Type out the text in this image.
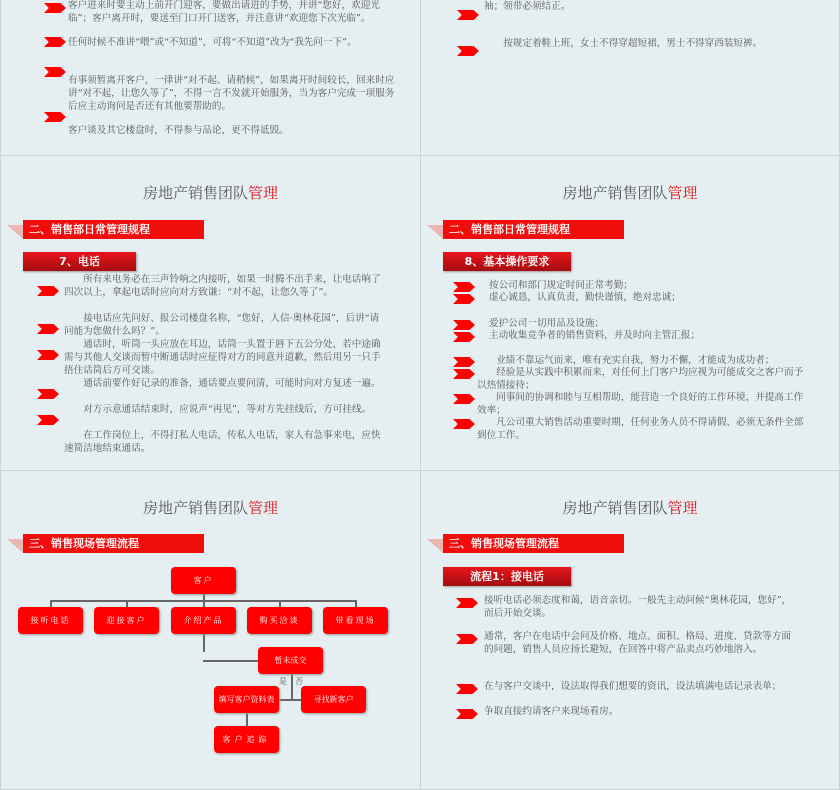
客户进来时要主动上前开门迎客，要做出请进的手势，并讲“您好，欢迎光临”；客户离开时，要送至门口开门送客，并注意讲“欢迎您下次光临”。
任何时候不准讲“喂”或“不知道”，可将“不知道”改为“我先问一下”。
有事须暂离开客户，一律讲“对不起、请稍候”，如果离开时间较长，回来时应讲“对不起，让您久等了”，不得一言不发就开始服务，当为客户完成一项服务后应主动询问是否还有其他要帮助的。
客户谈及其它楼盘时，不得参与品论，更不得诋毁。
袖；领带必须结正。
按规定着鞋上班，女士不得穿超短裙，男士不得穿西装短裤。
房地产销售团队管理
二、销售部日常管理规程
7、电话
所有来电务必在三声铃响之内接听，如果一时腾不出手来，让电话响了四次以上，拿起电话时应向对方致谦：“对不起，让您久等了”。
接电话应先问好、报公司楼盘名称，“您好，人信·奥林花园”，后讲“请问能为您做什么吗？”。
通话时，听筒一头应放在耳边，话筒一头置于唇下五公分处，若中途确需与其他人交谈而暂中断通话时应征得对方的同意并道歉，然后用另一只手捂住话筒后方可交谈。
通话前要作好记录的准备，通话要点要问清，可能时向对方复述一遍。
对方示意通话结束时，应说声“再见”，等对方先挂线后，方可挂线。
在工作岗位上，不得打私人电话，传私人电话，家人有急事来电，应快速简洁地结束通话。
房地产销售团队管理
二、销售部日常管理规程
8、基本操作要求
按公司和部门规定时间正常考勤；
虚心诚恳，认真负责，勤快谨慎，绝对忠诚；
爱护公司一切用品及设施；
主动收集竞争者的销售资料，并及时向主管汇报；
业绩不靠运气而来，唯有充实自我，努力不懈，才能成为成功者；
经验是从实践中积累而来，对任何上门客户均应视为可能成交之客户而予以热情接待；
同事间的协调和睦与互相帮助，能营造一个良好的工作环境，并提高工作效率；
凡公司重大销售活动重要时期，任何业务人员不得请假、必须无条件全部到位工作。
房地产销售团队管理
三、销售现场管理流程
客户
接听电话	迎接客户	介绍产品	购买洽谈	带看现场
暂未成交
是 否
填写客户资料表	寻找新客户
客户追踪
房地产销售团队管理
三、销售现场管理流程
流程1：接电话
接听电话必须态度和蔼，语音亲切。一般先主动问候“奥林花园，您好”，而后开始交谈。
通常，客户在电话中会问及价格、地点、面积、格局、进度、贷款等方面的问题，销售人员应扬长避短，在回答中将产品卖点巧妙地溶入。
在与客户交谈中，设法取得我们想要的资讯，设法填满电话记录表单；
争取直接约请客户来现场看房。
